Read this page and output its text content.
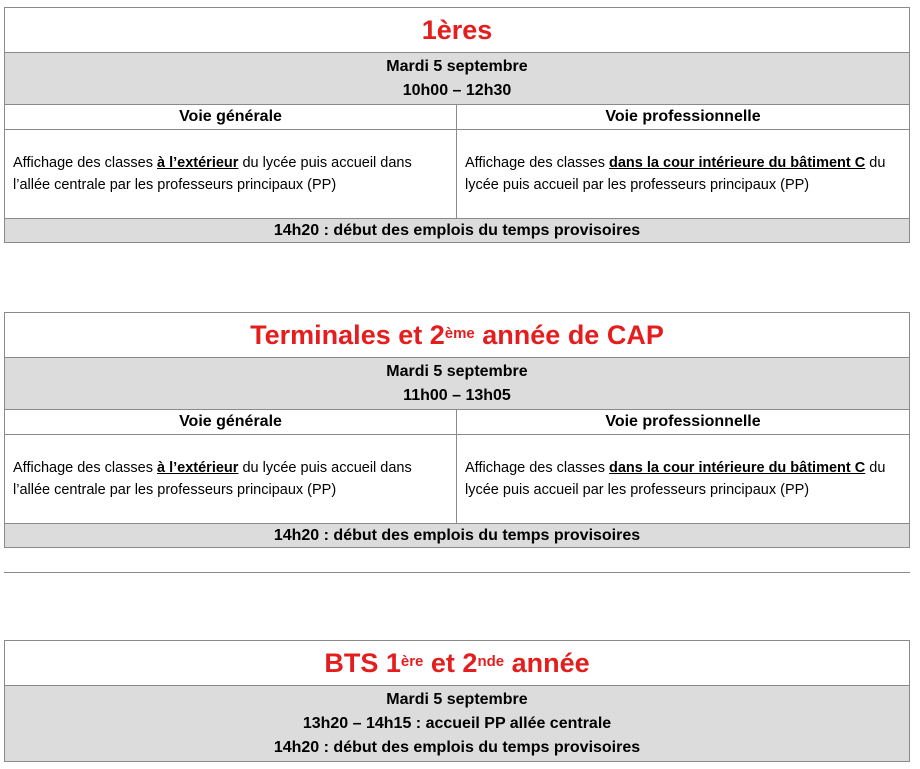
1ères
Mardi 5 septembre
10h00 – 12h30
Voie générale
Affichage des classes à l’extérieur du lycée puis accueil dans l’allée centrale par les professeurs principaux (PP)
Voie professionnelle
Affichage des classes dans la cour intérieure du bâtiment C du lycée puis accueil par les professeurs principaux (PP)
14h20 : début des emplois du temps provisoires
Terminales et 2ème année de CAP
Mardi 5 septembre
11h00 – 13h05
Voie générale
Affichage des classes à l’extérieur du lycée puis accueil dans l’allée centrale par les professeurs principaux (PP)
Voie professionnelle
Affichage des classes dans la cour intérieure du bâtiment C du lycée puis accueil par les professeurs principaux (PP)
14h20 : début des emplois du temps provisoires
BTS 1ère et 2nde année
Mardi 5 septembre
13h20 – 14h15 : accueil PP allée centrale
14h20 : début des emplois du temps provisoires
